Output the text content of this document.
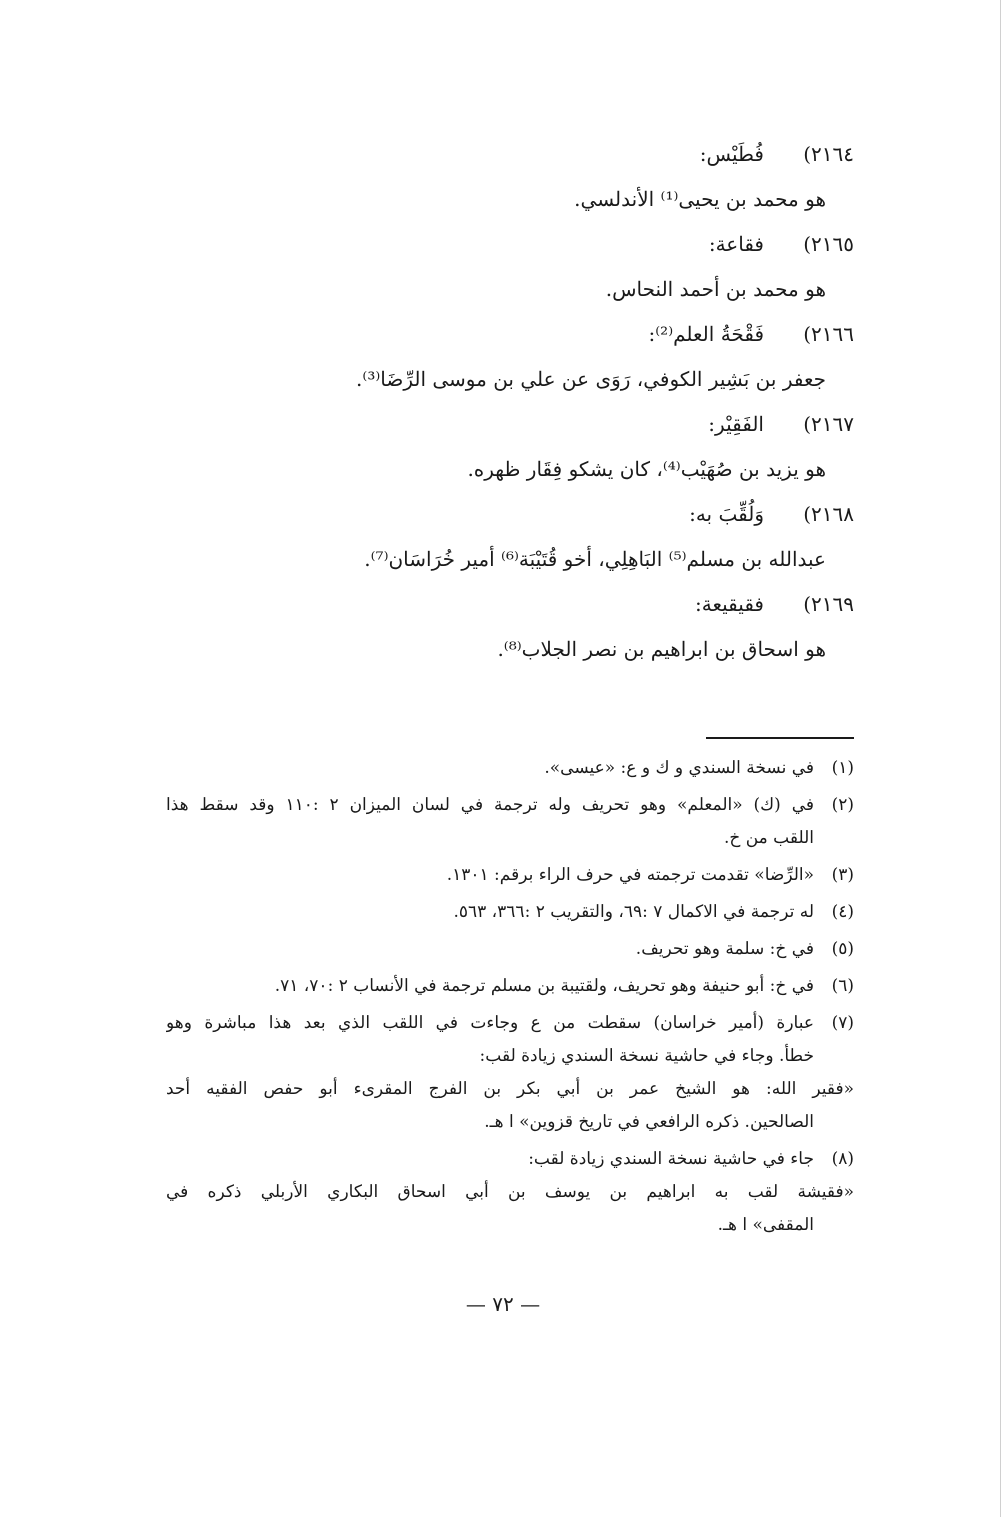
٢١٦٤)
فُطَيْس:
هو محمد بن يحيى⁽¹⁾ الأندلسي.
٢١٦٥)
فقاعة:
هو محمد بن أحمد النحاس.
٢١٦٦)
فَقْحَةُ العلم⁽²⁾:
جعفر بن بَشِير الكوفي، رَوَى عن علي بن موسى الرِّضَا⁽³⁾.
٢١٦٧)
الفَقِيْر:
هو يزيد بن صُهَيْب⁽⁴⁾، كان يشكو فِقَار ظهره.
٢١٦٨)
وَلُقِّبَ به:
عبدالله بن مسلم⁽⁵⁾ البَاهِلِي، أخو قُتَيْبَة⁽⁶⁾ أمير خُرَاسَان⁽⁷⁾.
٢١٦٩)
فقيقيعة:
هو اسحاق بن ابراهيم بن نصر الجلاب⁽⁸⁾.
(١)
في نسخة السندي و ك و ع: «عيسى».
(٢)
في (ك) «المعلم» وهو تحريف وله ترجمة في لسان الميزان ٢ :١١٠ وقد سقط هذا
اللقب من خ.
(٣)
«الرِّضا» تقدمت ترجمته في حرف الراء برقم: ١٣٠١.
(٤)
له ترجمة في الاكمال ٧ :٦٩، والتقريب ٢ :٣٦٦، ٥٦٣.
(٥)
في خ: سلمة وهو تحريف.
(٦)
في خ: أبو حنيفة وهو تحريف، ولقتيبة بن مسلم ترجمة في الأنساب ٢ :٧٠، ٧١.
(٧)
عبارة (أمير خراسان) سقطت من ع وجاءت في اللقب الذي بعد هذا مباشرة وهو
خطأ. وجاء في حاشية نسخة السندي زيادة لقب:
«فقير الله: هو الشيخ عمر بن أبي بكر بن الفرج المقرىء أبو حفص الفقيه أحد
الصالحين. ذكره الرافعي في تاريخ قزوين» ا هـ.
(٨)
جاء في حاشية نسخة السندي زيادة لقب:
«فقيشة لقب به ابراهيم بن يوسف بن أبي اسحاق البكاري الأربلي ذكره في
المقفى» ا هـ.
— ٧٢ —
